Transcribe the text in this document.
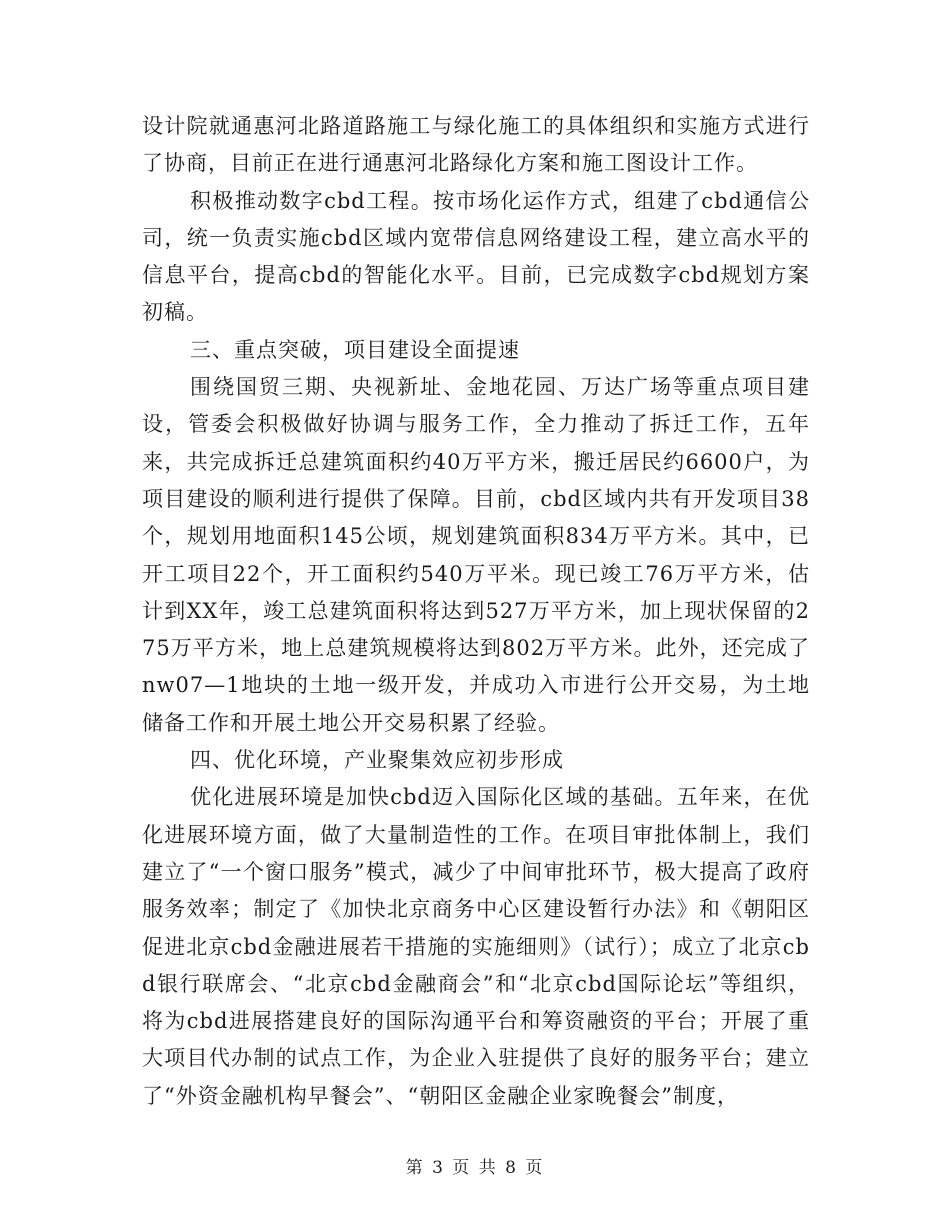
设计院就通惠河北路道路施工与绿化施工的具体组织和实施方式进行了协商，目前正在进行通惠河北路绿化方案和施工图设计工作。

积极推动数字cbd工程。按市场化运作方式，组建了cbd通信公司，统一负责实施cbd区域内宽带信息网络建设工程，建立高水平的信息平台，提高cbd的智能化水平。目前，已完成数字cbd规划方案初稿。

三、重点突破，项目建设全面提速

围绕国贸三期、央视新址、金地花园、万达广场等重点项目建设，管委会积极做好协调与服务工作，全力推动了拆迁工作，五年来，共完成拆迁总建筑面积约40万平方米，搬迁居民约6600户，为项目建设的顺利进行提供了保障。目前，cbd区域内共有开发项目38个，规划用地面积145公顷，规划建筑面积834万平方米。其中，已开工项目22个，开工面积约540万平米。现已竣工76万平方米，估计到XX年，竣工总建筑面积将达到527万平方米，加上现状保留的275万平方米，地上总建筑规模将达到802万平方米。此外，还完成了nw07—1地块的土地一级开发，并成功入市进行公开交易，为土地储备工作和开展土地公开交易积累了经验。

四、优化环境，产业聚集效应初步形成

优化进展环境是加快cbd迈入国际化区域的基础。五年来，在优化进展环境方面，做了大量制造性的工作。在项目审批体制上，我们建立了“一个窗口服务”模式，减少了中间审批环节，极大提高了政府服务效率；制定了《加快北京商务中心区建设暂行办法》和《朝阳区促进北京cbd金融进展若干措施的实施细则》（试行）；成立了北京cbd银行联席会、“北京cbd金融商会”和“北京cbd国际论坛”等组织，将为cbd进展搭建良好的国际沟通平台和筹资融资的平台；开展了重大项目代办制的试点工作，为企业入驻提供了良好的服务平台；建立了“外资金融机构早餐会”、“朝阳区金融企业家晚餐会”制度，

第 3 页 共 8 页
